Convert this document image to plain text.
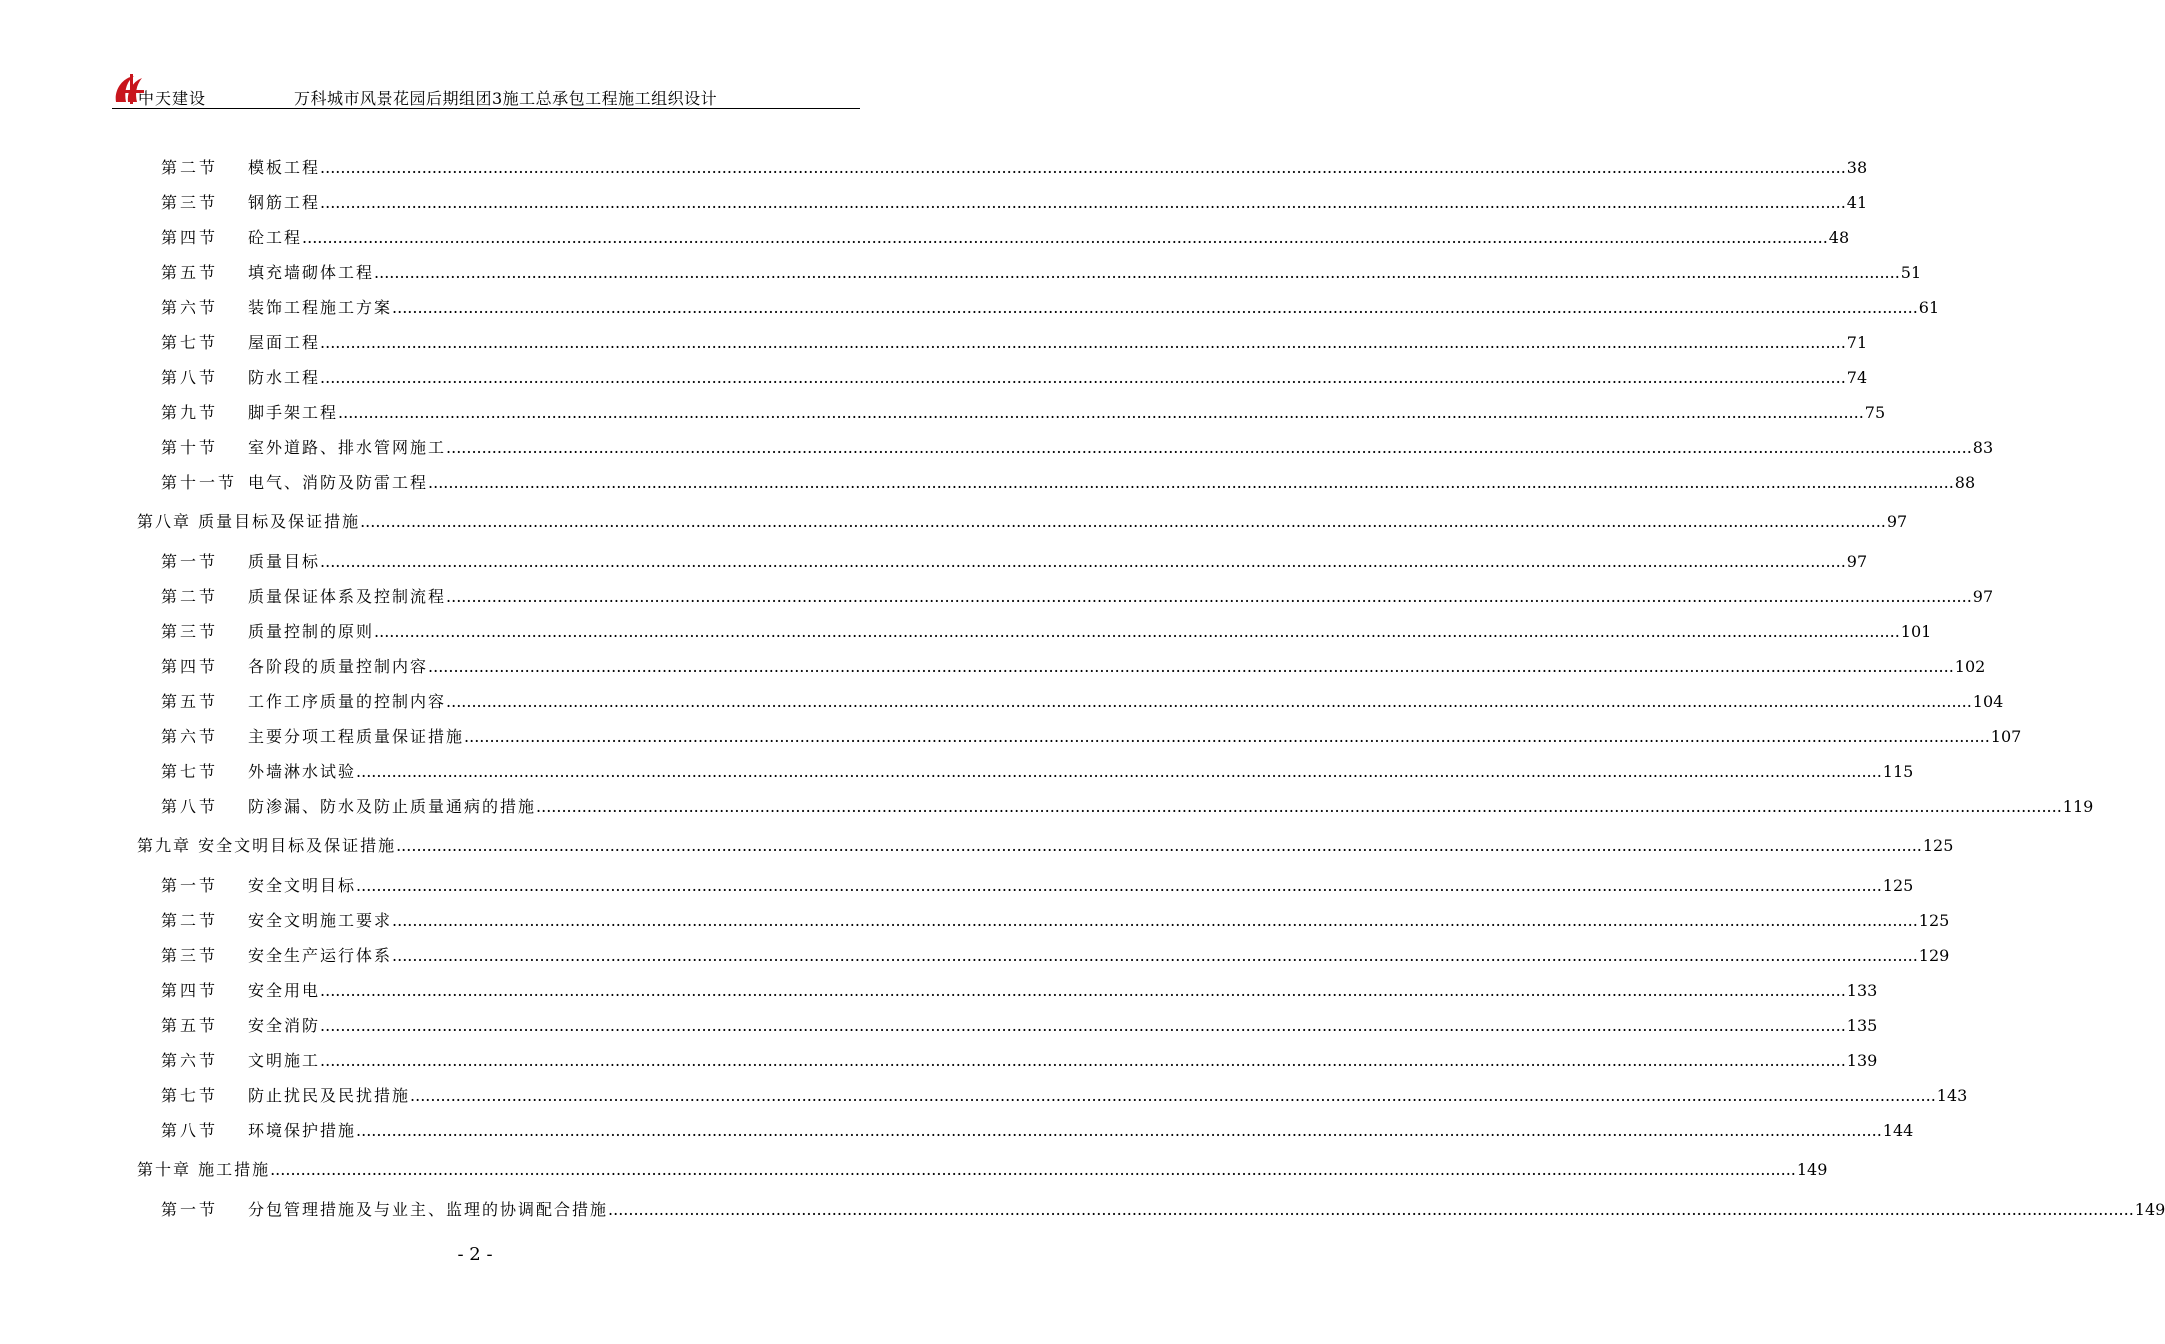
中天建设	万科城市风景花园后期组团3施工总承包工程施工组织设计
第二节 模板工程 ............................................................................................................................................................................................................................................................................................................ 38
第三节 钢筋工程 ............................................................................................................................................................................................................................................................................................................ 41
第四节 砼工程 ............................................................................................................................................................................................................................................................................................................ 48
第五节 填充墙砌体工程 ............................................................................................................................................................................................................................................................................................................ 51
第六节 装饰工程施工方案 ............................................................................................................................................................................................................................................................................................................ 61
第七节 屋面工程 ............................................................................................................................................................................................................................................................................................................ 71
第八节 防水工程 ............................................................................................................................................................................................................................................................................................................ 74
第九节 脚手架工程 ............................................................................................................................................................................................................................................................................................................ 75
第十节 室外道路、排水管网施工 ............................................................................................................................................................................................................................................................................................................ 83
第十一节 电气、消防及防雷工程 ............................................................................................................................................................................................................................................................................................................ 88
第八章 质量目标及保证措施 ............................................................................................................................................................................................................................................................................................................ 97
第一节 质量目标 ............................................................................................................................................................................................................................................................................................................ 97
第二节 质量保证体系及控制流程 ............................................................................................................................................................................................................................................................................................................ 97
第三节 质量控制的原则 ............................................................................................................................................................................................................................................................................................................ 101
第四节 各阶段的质量控制内容 ............................................................................................................................................................................................................................................................................................................ 102
第五节 工作工序质量的控制内容 ............................................................................................................................................................................................................................................................................................................ 104
第六节 主要分项工程质量保证措施 ............................................................................................................................................................................................................................................................................................................ 107
第七节 外墙淋水试验 ............................................................................................................................................................................................................................................................................................................ 115
第八节 防渗漏、防水及防止质量通病的措施 ............................................................................................................................................................................................................................................................................................................ 119
第九章 安全文明目标及保证措施 ............................................................................................................................................................................................................................................................................................................ 125
第一节 安全文明目标 ............................................................................................................................................................................................................................................................................................................ 125
第二节 安全文明施工要求 ............................................................................................................................................................................................................................................................................................................ 125
第三节 安全生产运行体系 ............................................................................................................................................................................................................................................................................................................ 129
第四节 安全用电 ............................................................................................................................................................................................................................................................................................................ 133
第五节 安全消防 ............................................................................................................................................................................................................................................................................................................ 135
第六节 文明施工 ............................................................................................................................................................................................................................................................................................................ 139
第七节 防止扰民及民扰措施 ............................................................................................................................................................................................................................................................................................................ 143
第八节 环境保护措施 ............................................................................................................................................................................................................................................................................................................ 144
第十章 施工措施 ............................................................................................................................................................................................................................................................................................................ 149
第一节 分包管理措施及与业主、监理的协调配合措施 ............................................................................................................................................................................................................................................................................................................ 149
- 2 -
